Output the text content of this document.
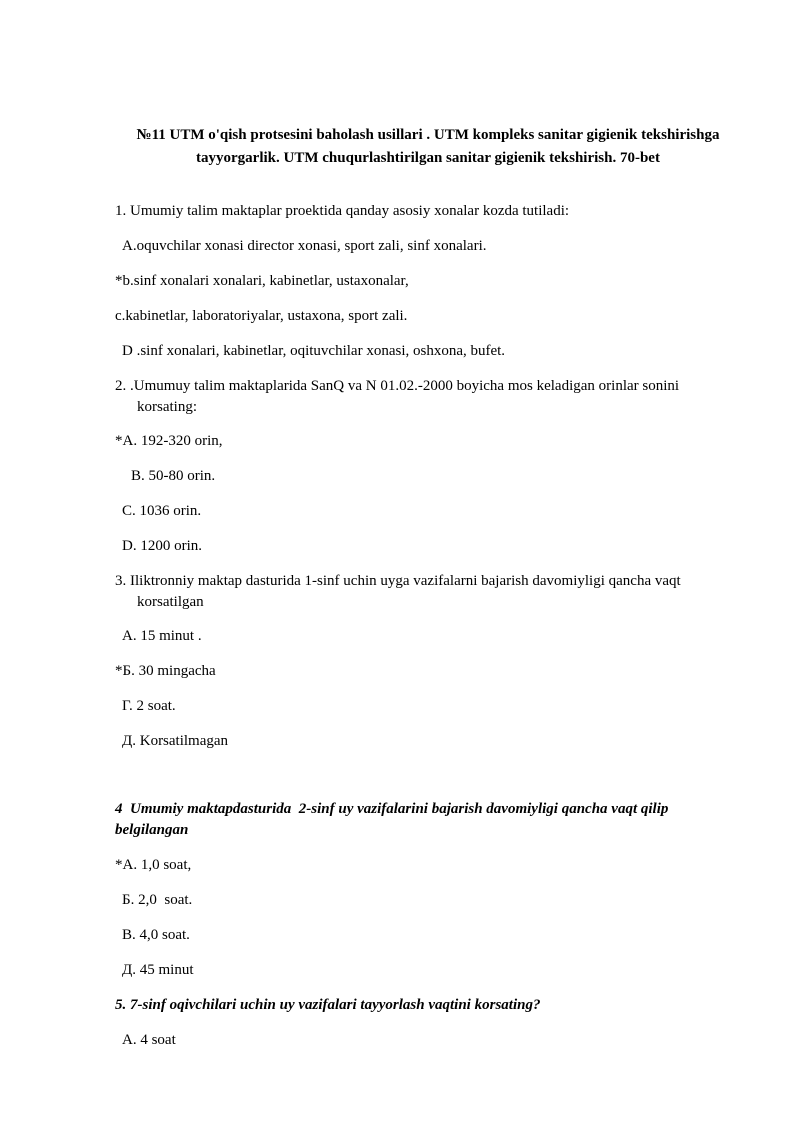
№11 UTM o'qish protsesini baholash usillari . UTM kompleks sanitar gigienik tekshirishga tayyorgarlik. UTM chuqurlashtirilgan sanitar gigienik tekshirish. 70-bet
1. Umumiy talim maktaplar proektida qanday asosiy xonalar kozda tutiladi:
A.oquvchilar xonasi director xonasi, sport zali, sinf xonalari.
*b.sinf xonalari xonalari, kabinetlar, ustaxonalar,
c.kabinetlar, laboratoriyalar, ustaxona, sport zali.
D .sinf xonalari, kabinetlar, oqituvchilar xonasi, oshxona, bufet.
2. .Umumuy talim maktaplarida SanQ va N 01.02.-2000 boyicha mos keladigan orinlar sonini
korsating:
*A. 192-320 orin,
B. 50-80 orin.
C. 1036 orin.
D. 1200 orin.
3. Iliktronniy maktap dasturida 1-sinf uchin uyga vazifalarni bajarish davomiyligi qancha vaqt
korsatilgan
A. 15 minut .
*Б. 30 mingacha
Г. 2 soat.
Д. Korsatilmagan
4  Umumiy maktapdasturida  2-sinf uy vazifalarini bajarish davomiyligi qancha vaqt qilip
belgilangan
*A. 1,0 soat,
Б. 2,0  soat.
B. 4,0 soat.
Д. 45 minut
5. 7-sinf oqivchilari uchin uy vazifalari tayyorlash vaqtini korsating?
A. 4 soat
